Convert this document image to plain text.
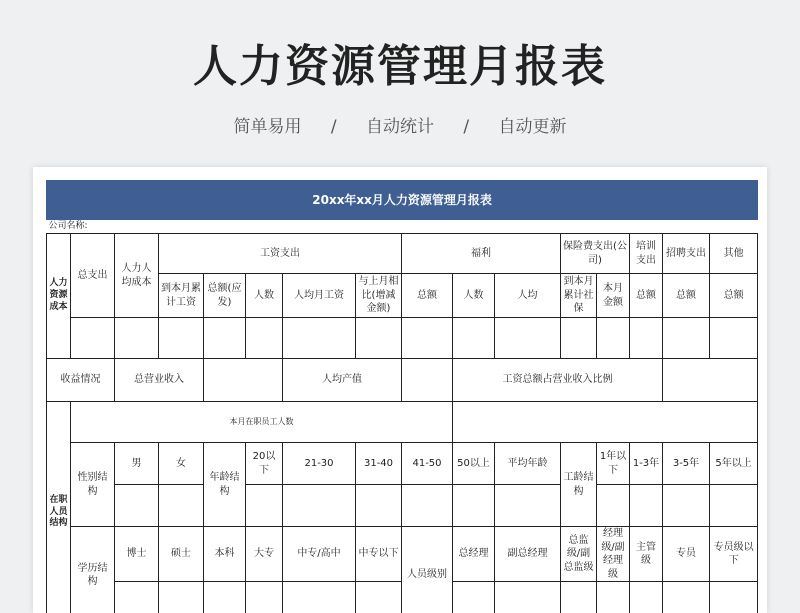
人力资源管理月报表
简单易用 / 自动统计 / 自动更新
20xx年xx月人力资源管理月报表															
公司名称:															
人力资源成本	总支出	人力人均成本	工资支出					福利			保险费支出(公司)		培训支出	招聘支出	其他
			到本月累计工资	总额(应发)	人数	人均月工资	与上月相比(增减金额)	总额	人数	人均	到本月累计社保	本月金额	总额	总额	总额

收益情况		总营业收入				人均产值			工资总额占营业收入比例						
在职人员结构	本月在职员工人数														
	性别结构	男	女	年龄结构	20以下	21-30	31-40	41-50	50以上	平均年龄	工龄结构	1年以下	1-3年	3-5年	5年以上

	学历结构	博士	硕士	本科	大专	中专/高中	中专以下	人员级别	总经理	副总经理	总监级/副总监级	经理级/副经理级	主管级	专员	专员级以下
